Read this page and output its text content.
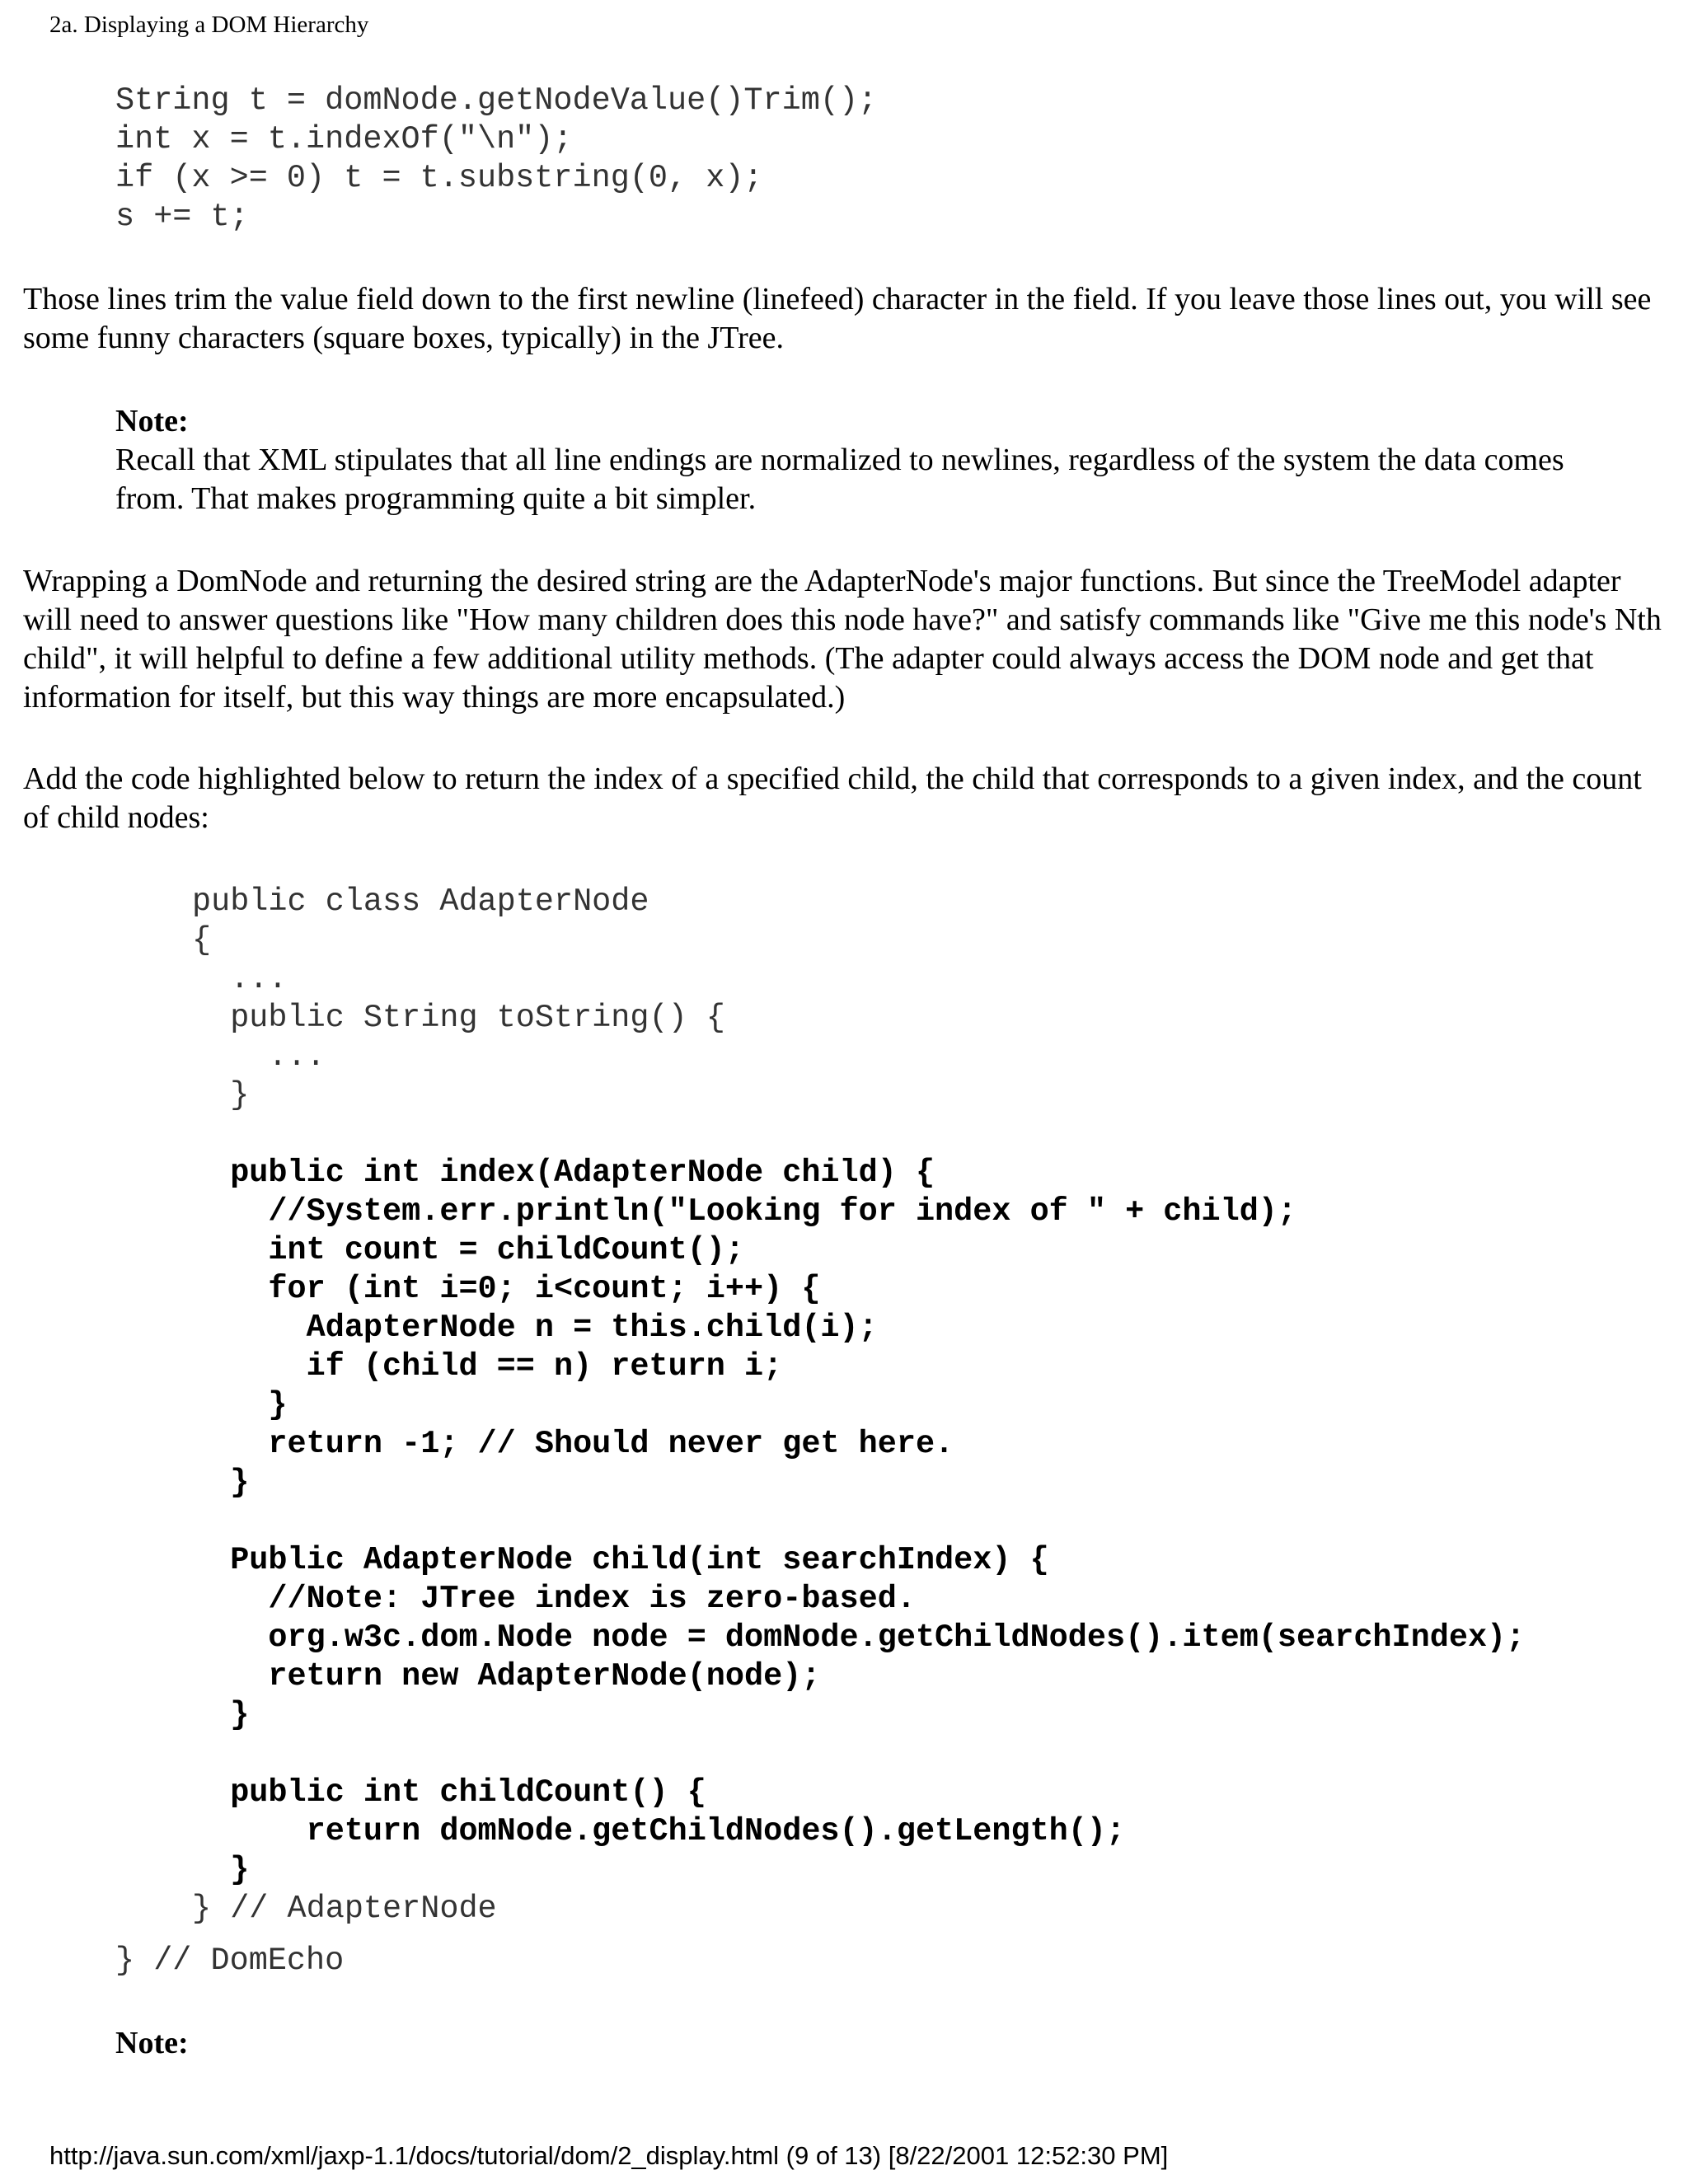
2a. Displaying a DOM Hierarchy
String t = domNode.getNodeValue()Trim();
int x = t.indexOf("\n");
if (x >= 0) t = t.substring(0, x);
s += t;

Those lines trim the value field down to the first newline (linefeed) character in the field. If you leave those lines out, you will see some funny characters (square boxes, typically) in the JTree.

Note:

Recall that XML stipulates that all line endings are normalized to newlines, regardless of the system the data comes from. That makes programming quite a bit simpler.

Wrapping a DomNode and returning the desired string are the AdapterNode's major functions. But since the TreeModel adapter will need to answer questions like "How many children does this node have?" and satisfy commands like "Give me this node's Nth child", it will helpful to define a few additional utility methods. (The adapter could always access the DOM node and get that information for itself, but this way things are more encapsulated.)

Add the code highlighted below to return the index of a specified child, the child that corresponds to a given index, and the count of child nodes:

public class AdapterNode
{
...
public String toString() {
...
}

public int index(AdapterNode child) {
//System.err.println("Looking for index of " + child);
int count = childCount();
for (int i=0; i<count; i++) {
AdapterNode n = this.child(i);
if (child == n) return i;
}
return -1; // Should never get here.
}

Public AdapterNode child(int searchIndex) {
//Note: JTree index is zero-based.
org.w3c.dom.Node node = domNode.getChildNodes().item(searchIndex);
return new AdapterNode(node);
}

public int childCount() {
return domNode.getChildNodes().getLength();
}
} // AdapterNode
} // DomEcho

Note:

http://java.sun.com/xml/jaxp-1.1/docs/tutorial/dom/2_display.html (9 of 13) [8/22/2001 12:52:30 PM]
